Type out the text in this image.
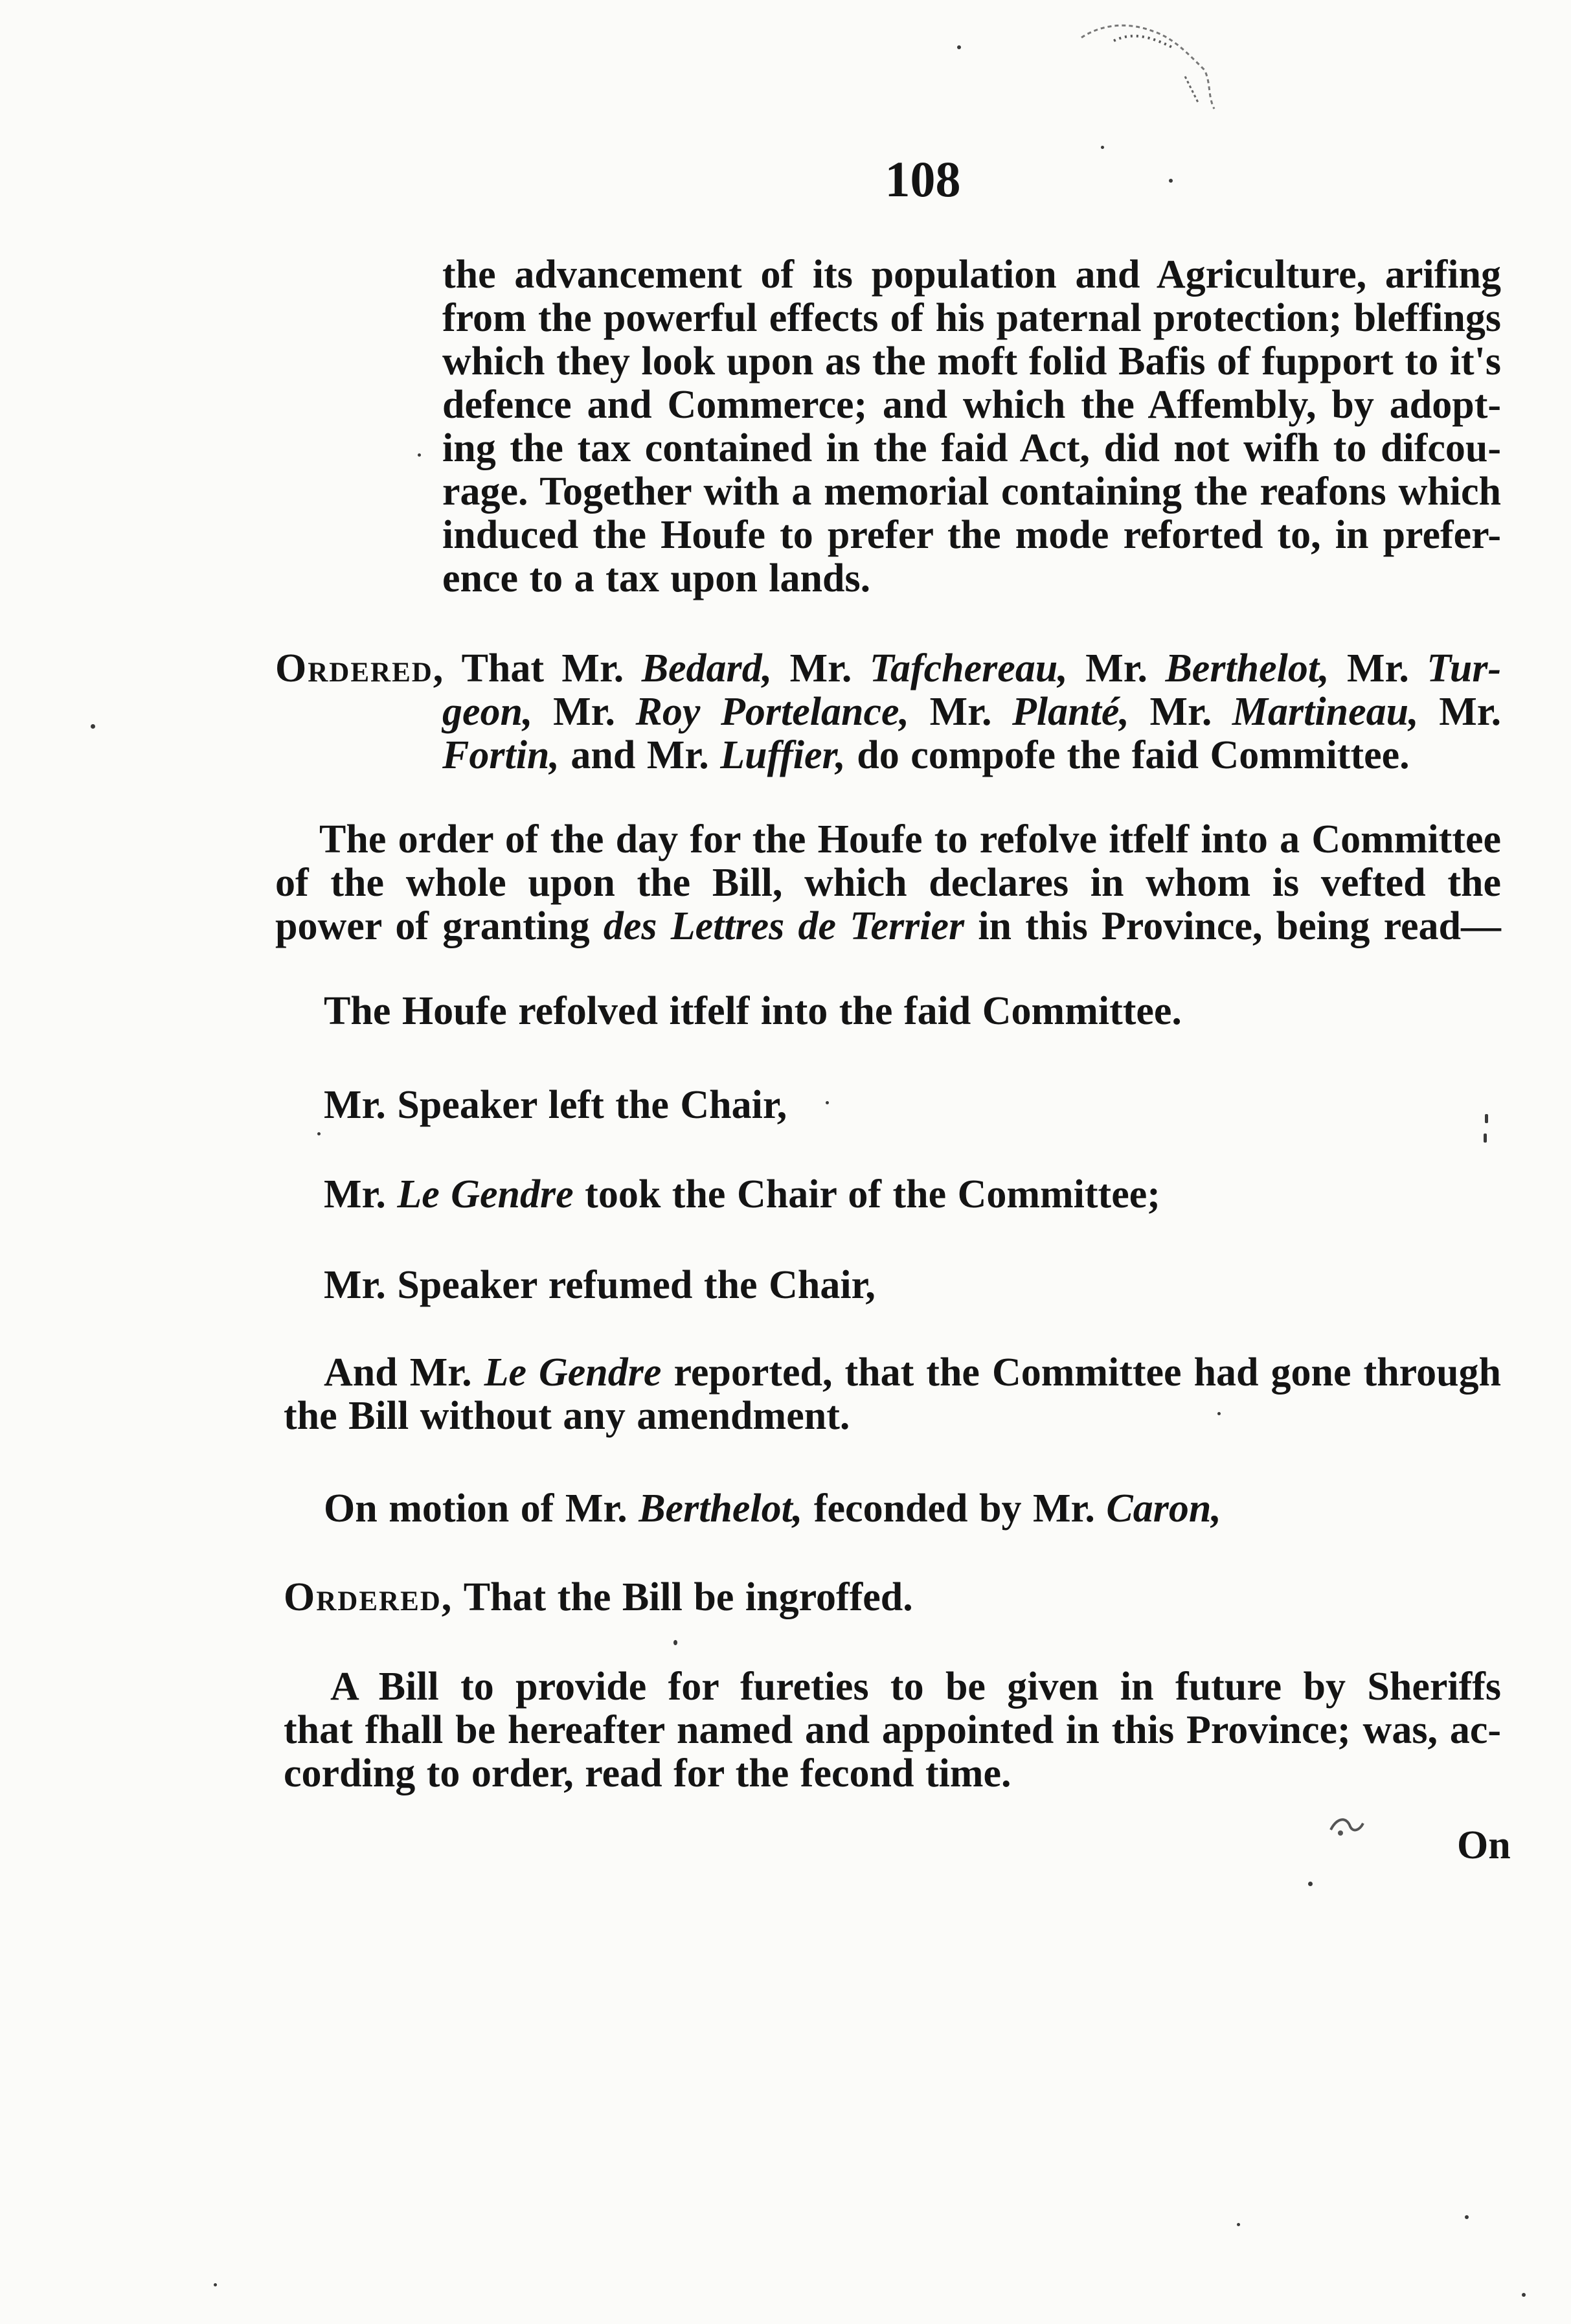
108
the advancement of its population and Agriculture, arifing
from the powerful effects of his paternal protection; bleffings
which they look upon as the moft folid Bafis of fupport to it's
defence and Commerce; and which the Affembly, by adopt-
ing the tax contained in the faid Act, did not wifh to difcou-
rage. Together with a memorial containing the reafons which
induced the Houfe to prefer the mode reforted to, in prefer-
ence to a tax upon lands.
Ordered, That Mr. Bedard, Mr. Tafchereau, Mr. Berthelot, Mr. Tur-
geon, Mr. Roy Portelance, Mr. Planté, Mr. Martineau, Mr.
Fortin, and Mr. Luffier, do compofe the faid Committee.
The order of the day for the Houfe to refolve itfelf into a Committee
of the whole upon the Bill, which declares in whom is vefted the
power of granting des Lettres de Terrier in this Province, being read—
The Houfe refolved itfelf into the faid Committee.
Mr. Speaker left the Chair,
Mr. Le Gendre took the Chair of the Committee;
Mr. Speaker refumed the Chair,
And Mr. Le Gendre reported, that the Committee had gone through
the Bill without any amendment.
On motion of Mr. Berthelot, feconded by Mr. Caron,
Ordered, That the Bill be ingroffed.
A Bill to provide for fureties to be given in future by Sheriffs
that fhall be hereafter named and appointed in this Province; was, ac-
cording to order, read for the fecond time.
On
